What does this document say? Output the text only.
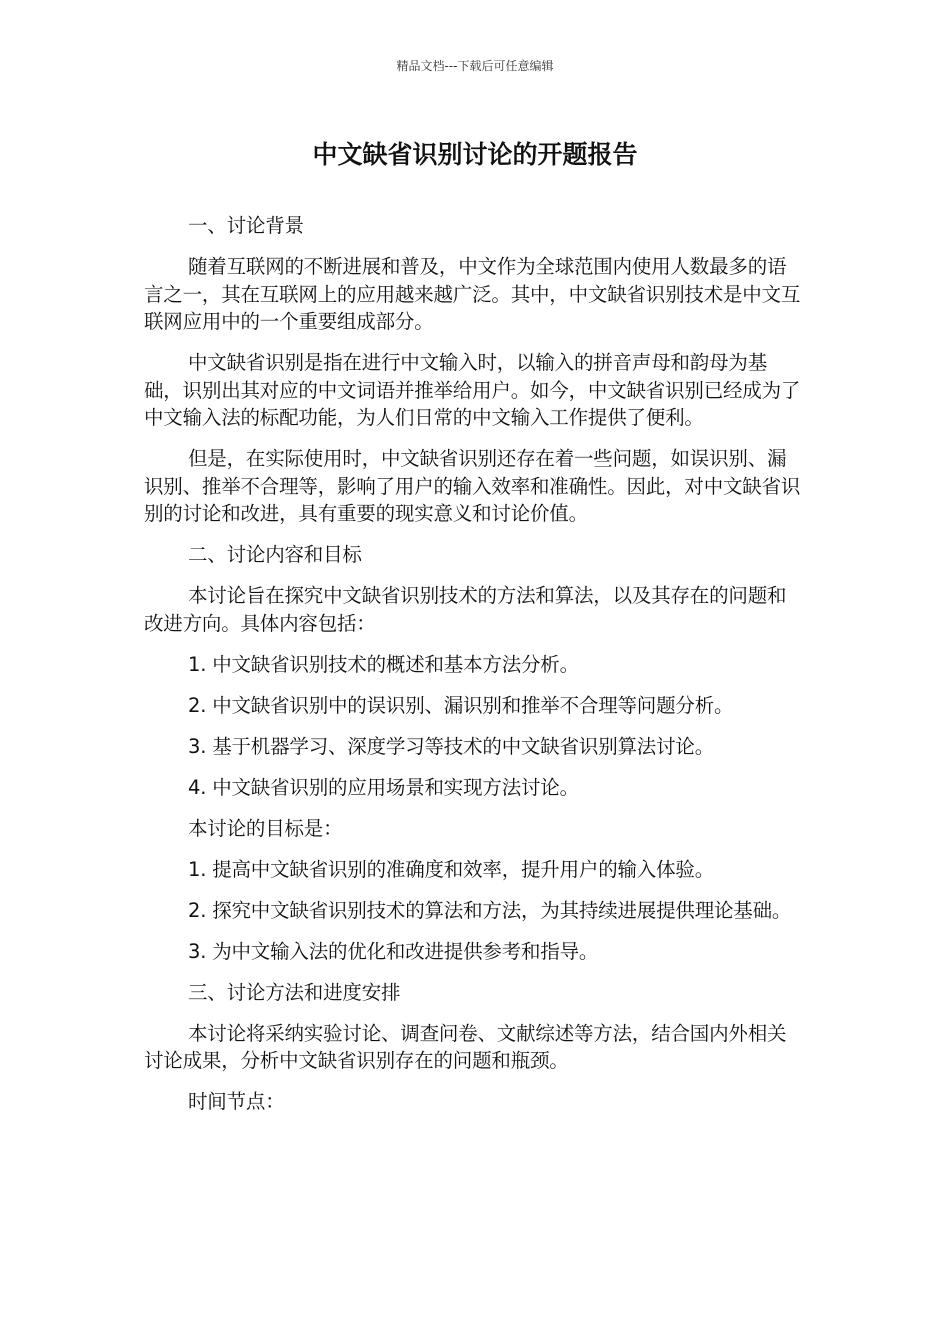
精品文档---下载后可任意编辑
中文缺省识别讨论的开题报告

一、讨论背景

随着互联网的不断进展和普及，中文作为全球范围内使用人数最多的语言之一，其在互联网上的应用越来越广泛。其中，中文缺省识别技术是中文互联网应用中的一个重要组成部分。

中文缺省识别是指在进行中文输入时，以输入的拼音声母和韵母为基础，识别出其对应的中文词语并推举给用户。如今，中文缺省识别已经成为了中文输入法的标配功能，为人们日常的中文输入工作提供了便利。

但是，在实际使用时，中文缺省识别还存在着一些问题，如误识别、漏识别、推举不合理等，影响了用户的输入效率和准确性。因此，对中文缺省识别的讨论和改进，具有重要的现实意义和讨论价值。

二、讨论内容和目标

本讨论旨在探究中文缺省识别技术的方法和算法，以及其存在的问题和改进方向。具体内容包括：

1. 中文缺省识别技术的概述和基本方法分析。

2. 中文缺省识别中的误识别、漏识别和推举不合理等问题分析。

3. 基于机器学习、深度学习等技术的中文缺省识别算法讨论。

4. 中文缺省识别的应用场景和实现方法讨论。

本讨论的目标是：

1. 提高中文缺省识别的准确度和效率，提升用户的输入体验。

2. 探究中文缺省识别技术的算法和方法，为其持续进展提供理论基础。

3. 为中文输入法的优化和改进提供参考和指导。

三、讨论方法和进度安排

本讨论将采纳实验讨论、调查问卷、文献综述等方法，结合国内外相关讨论成果，分析中文缺省识别存在的问题和瓶颈。

时间节点：
